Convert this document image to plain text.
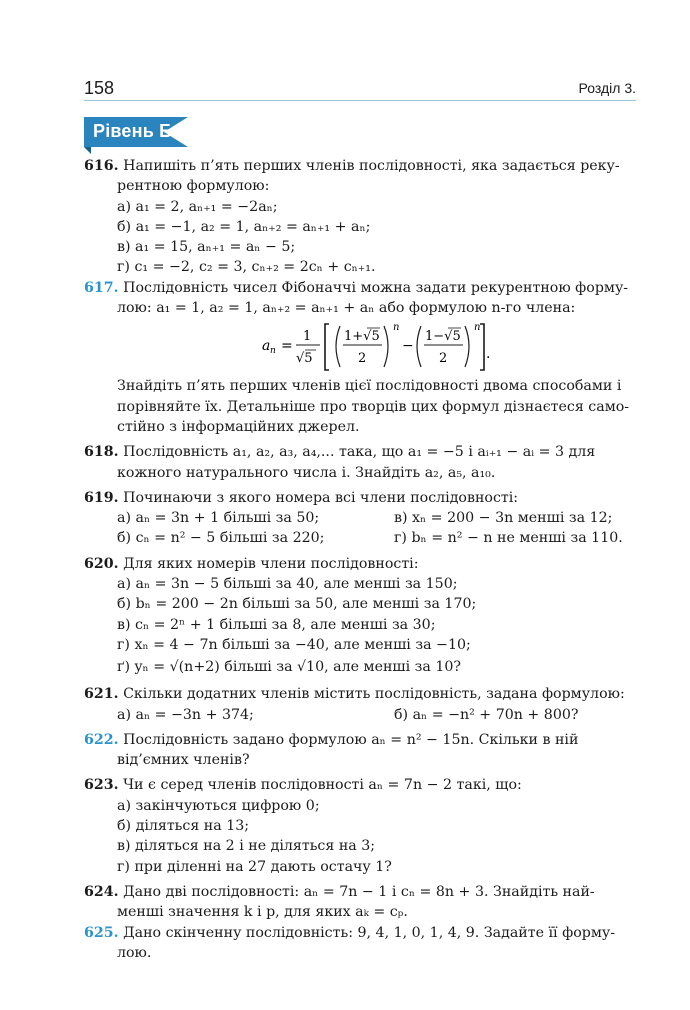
158	Розділ 3.
Рівень Б
616. Напишіть п’ять перших членів послідовності, яка задається реку-
рентною формулою:
а) a₁ = 2, aₙ₊₁ = −2aₙ;
б) a₁ = −1, a₂ = 1, aₙ₊₂ = aₙ₊₁ + aₙ;
в) a₁ = 15, aₙ₊₁ = aₙ − 5;
г) c₁ = −2, c₂ = 3, cₙ₊₂ = 2cₙ + cₙ₊₁.
617. Послідовність чисел Фібоначчі можна задати рекурентною форму-
лою: a₁ = 1, a₂ = 1, aₙ₊₂ = aₙ₊₁ + aₙ або формулою n-го члена:
a n =
1
√5
1+√5
2
n
−
1−√5
2
n
.
Знайдіть п’ять перших членів цієї послідовності двома способами і
порівняйте їх. Детальніше про творців цих формул дізнаєтеся само-
стійно з інформаційних джерел.
618. Послідовність a₁, a₂, a₃, a₄,... така, що a₁ = −5 і aᵢ₊₁ − aᵢ = 3 для
кожного натурального числа i. Знайдіть a₂, a₅, a₁₀.
619. Починаючи з якого номера всі члени послідовності:
а) aₙ = 3n + 1 більші за 50;	в) xₙ = 200 − 3n менші за 12;
б) cₙ = n² − 5 більші за 220;	г) bₙ = n² − n не менші за 110.
620. Для яких номерів члени послідовності:
а) aₙ = 3n − 5 більші за 40, але менші за 150;
б) bₙ = 200 − 2n більші за 50, але менші за 170;
в) cₙ = 2ⁿ + 1 більші за 8, але менші за 30;
г) xₙ = 4 − 7n більші за −40, але менші за −10;
ґ) yₙ = √(n+2) більші за √10, але менші за 10?
621. Скільки додатних членів містить послідовність, задана формулою:
а) aₙ = −3n + 374;	б) aₙ = −n² + 70n + 800?
622. Послідовність задано формулою aₙ = n² − 15n. Скільки в ній
від’ємних членів?
623. Чи є серед членів послідовності aₙ = 7n − 2 такі, що:
а) закінчуються цифрою 0;
б) діляться на 13;
в) діляться на 2 і не діляться на 3;
г) при діленні на 27 дають остачу 1?
624. Дано дві послідовності: aₙ = 7n − 1 і cₙ = 8n + 3. Знайдіть най-
менші значення k і p, для яких aₖ = cₚ.
625. Дано скінченну послідовність: 9, 4, 1, 0, 1, 4, 9. Задайте її форму-
лою.
